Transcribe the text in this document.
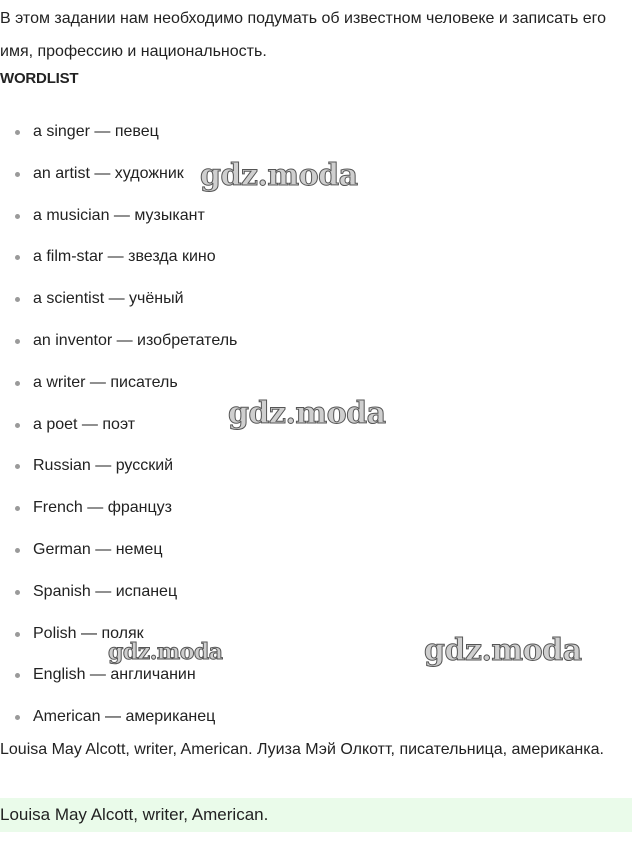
В этом задании нам необходимо подумать об известном человеке и записать его имя, профессию и национальность.

WORDLIST
a singer — певец
an artist — художник
a musician — музыкант
a film-star — звезда кино
a scientist — учёный
an inventor — изобретатель
a writer — писатель
a poet — поэт
Russian — русский
French — француз
German — немец
Spanish — испанец
Polish — поляк
English — англичанин
American — американец

Louisa May Alcott, writer, American. Луиза Мэй Олкотт, писательница, американка.

Louisa May Alcott, writer, American.

gdz.moda
gdz.moda
gdz.moda	gdz.moda
